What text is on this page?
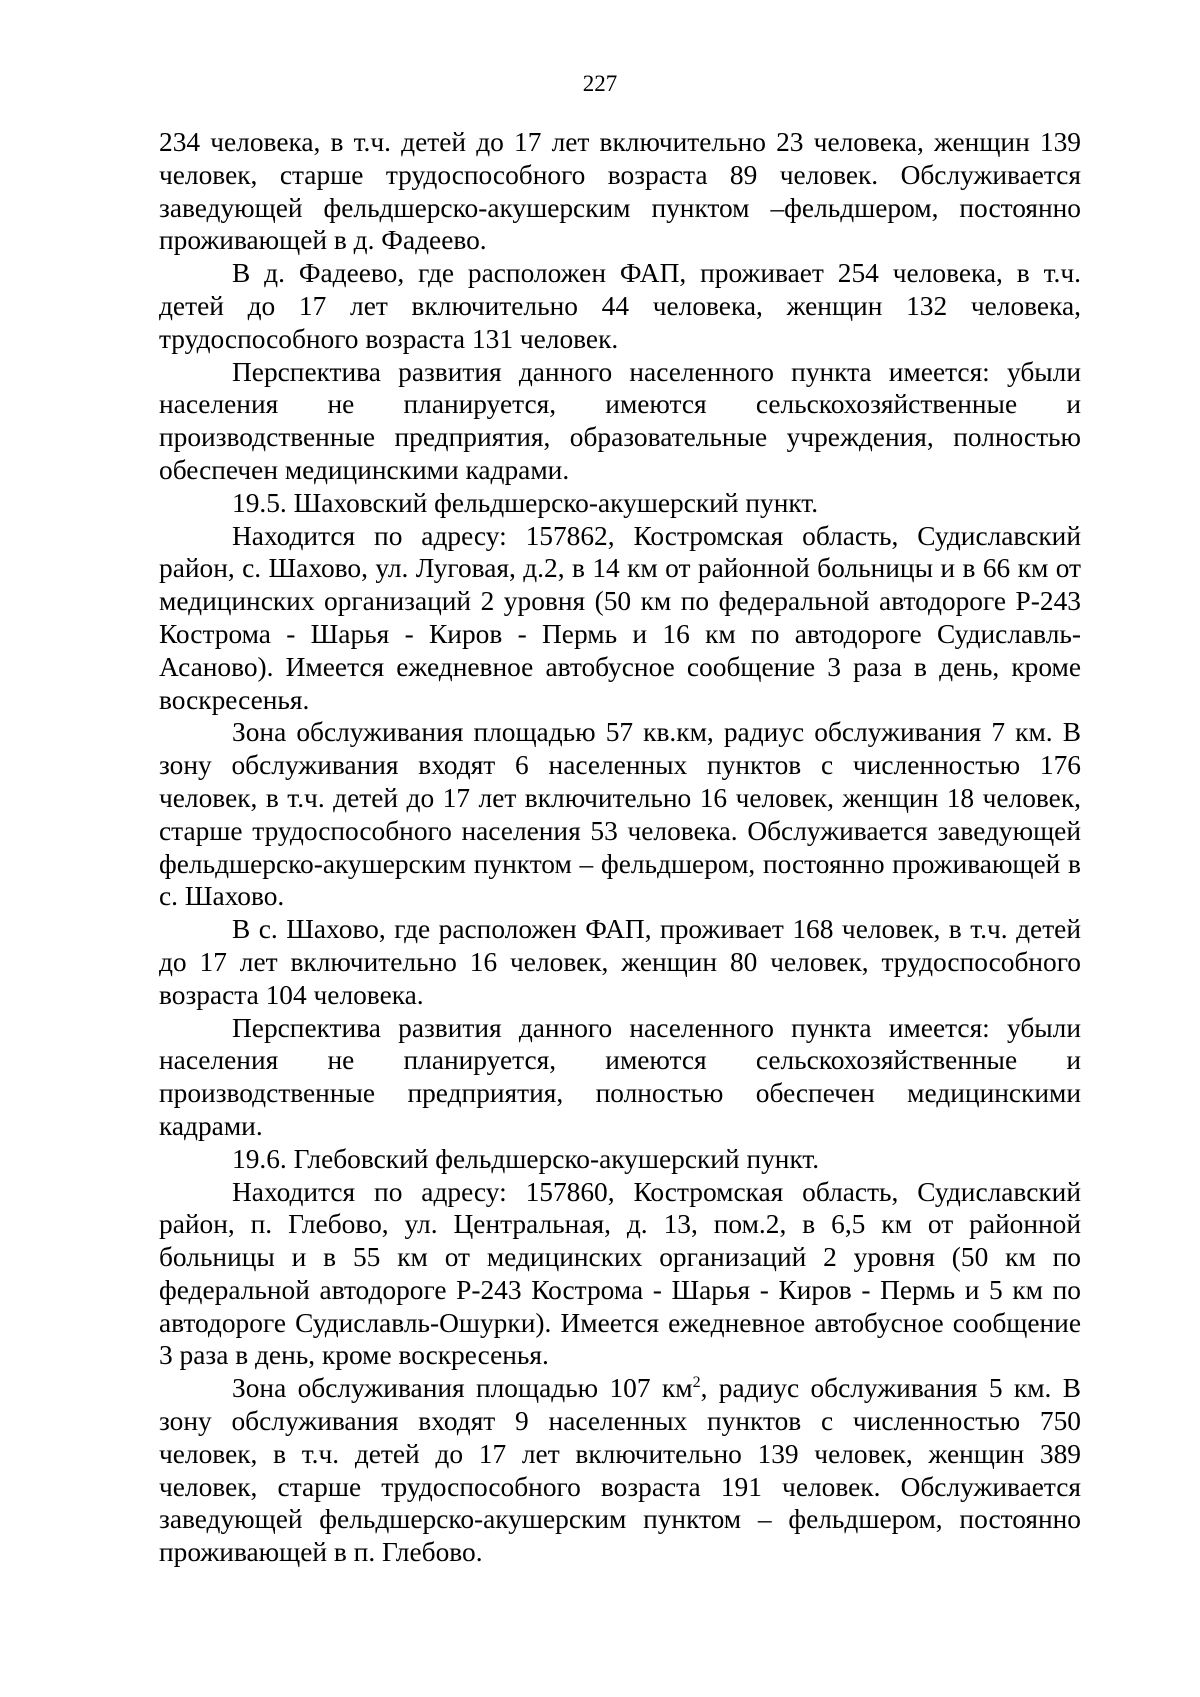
227

234 человека, в т.ч. детей до 17 лет включительно 23 человека, женщин 139 человек, старше трудоспособного возраста 89 человек. Обслуживается заведующей фельдшерско-акушерским пунктом –фельдшером, постоянно проживающей в д. Фадеево.

В д. Фадеево, где расположен ФАП, проживает 254 человека, в т.ч. детей до 17 лет включительно 44 человека, женщин 132 человека, трудоспособного возраста 131 человек.

Перспектива развития данного населенного пункта имеется: убыли населения не планируется, имеются сельскохозяйственные и производственные предприятия, образовательные учреждения, полностью обеспечен медицинскими кадрами.

19.5. Шаховский фельдшерско-акушерский пункт.

Находится по адресу: 157862, Костромская область, Судиславский район, с. Шахово, ул. Луговая, д.2, в 14 км от районной больницы и в 66 км от медицинских организаций 2 уровня (50 км по федеральной автодороге Р-243 Кострома - Шарья - Киров - Пермь и 16 км по автодороге Судиславль-Асаново). Имеется ежедневное автобусное сообщение 3 раза в день, кроме воскресенья.

Зона обслуживания площадью 57 кв.км, радиус обслуживания 7 км. В зону обслуживания входят 6 населенных пунктов с численностью 176 человек, в т.ч. детей до 17 лет включительно 16 человек, женщин 18 человек, старше трудоспособного населения 53 человека. Обслуживается заведующей фельдшерско-акушерским пунктом – фельдшером, постоянно проживающей в с. Шахово.

В с. Шахово, где расположен ФАП, проживает 168 человек, в т.ч. детей до 17 лет включительно 16 человек, женщин 80 человек, трудоспособного возраста 104 человека.

Перспектива развития данного населенного пункта имеется: убыли населения не планируется, имеются сельскохозяйственные и производственные предприятия, полностью обеспечен медицинскими кадрами.

19.6. Глебовский фельдшерско-акушерский пункт.

Находится по адресу: 157860, Костромская область, Судиславский район, п. Глебово, ул. Центральная, д. 13, пом.2, в 6,5 км от районной больницы и в 55 км от медицинских организаций 2 уровня (50 км по федеральной автодороге Р-243 Кострома - Шарья - Киров - Пермь и 5 км по автодороге Судиславль-Ошурки). Имеется ежедневное автобусное сообщение 3 раза в день, кроме воскресенья.

Зона обслуживания площадью 107 $км^2$, радиус обслуживания 5 км. В зону обслуживания входят 9 населенных пунктов с численностью 750 человек, в т.ч. детей до 17 лет включительно 139 человек, женщин 389 человек, старше трудоспособного возраста 191 человек. Обслуживается заведующей фельдшерско-акушерским пунктом – фельдшером, постоянно проживающей в п. Глебово.
